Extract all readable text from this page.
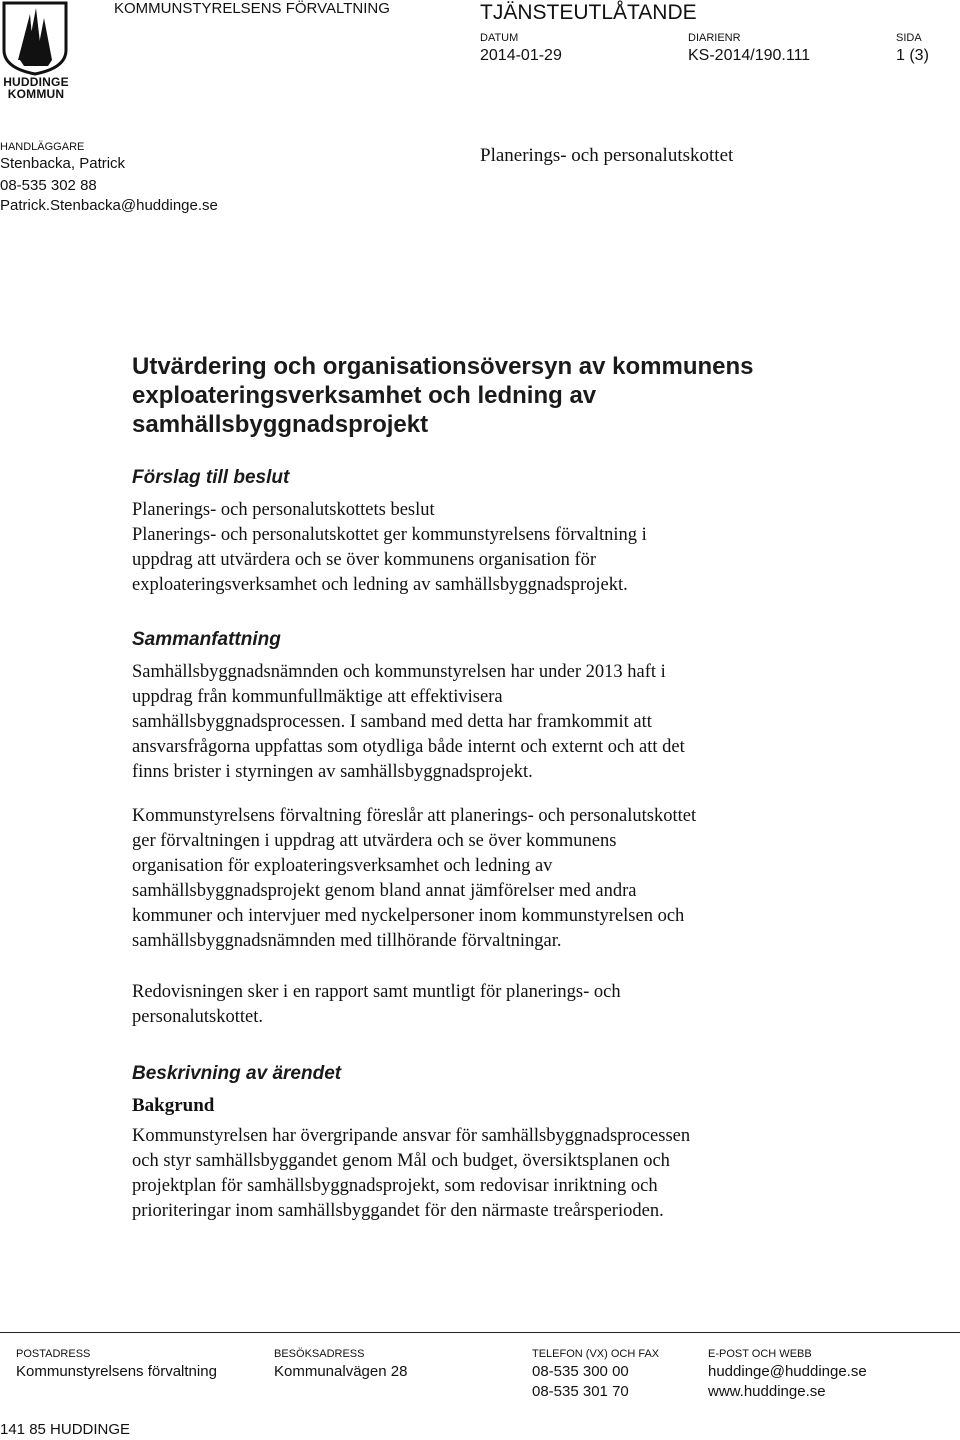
HUDDINGE
KOMMUN
KOMMUNSTYRELSENS FÖRVALTNING	TJÄNSTEUTLÅTANDE
DATUM
2014-01-29
DIARIENR
KS-2014/190.111
SIDA
1 (3)
HANDLÄGGARE
Stenbacka, Patrick
08-535 302 88
Patrick.Stenbacka@huddinge.se
Planerings- och personalutskottet
Utvärdering och organisationsöversyn av kommunens
exploateringsverksamhet och ledning av
samhällsbyggnadsprojekt
Förslag till beslut
Planerings- och personalutskottets beslut
Planerings- och personalutskottet ger kommunstyrelsens förvaltning i
uppdrag att utvärdera och se över kommunens organisation för
exploateringsverksamhet och ledning av samhällsbyggnadsprojekt.
Sammanfattning
Samhällsbyggnadsnämnden och kommunstyrelsen har under 2013 haft i
uppdrag från kommunfullmäktige att effektivisera
samhällsbyggnadsprocessen. I samband med detta har framkommit att
ansvarsfrågorna uppfattas som otydliga både internt och externt och att det
finns brister i styrningen av samhällsbyggnadsprojekt.
Kommunstyrelsens förvaltning föreslår att planerings- och personalutskottet
ger förvaltningen i uppdrag att utvärdera och se över kommunens
organisation för exploateringsverksamhet och ledning av
samhällsbyggnadsprojekt genom bland annat jämförelser med andra
kommuner och intervjuer med nyckelpersoner inom kommunstyrelsen och
samhällsbyggnadsnämnden med tillhörande förvaltningar.
Redovisningen sker i en rapport samt muntligt för planerings- och
personalutskottet.
Beskrivning av ärendet
Bakgrund
Kommunstyrelsen har övergripande ansvar för samhällsbyggnadsprocessen
och styr samhällsbyggandet genom Mål och budget, översiktsplanen och
projektplan för samhällsbyggnadsprojekt, som redovisar inriktning och
prioriteringar inom samhällsbyggandet för den närmaste treårsperioden.
POSTADRESS
Kommunstyrelsens förvaltning
141 85 HUDDINGE
BESÖKSADRESS
Kommunalvägen 28
TELEFON (VX) OCH FAX
08-535 300 00
08-535 301 70
E-POST OCH WEBB
huddinge@huddinge.se
www.huddinge.se
